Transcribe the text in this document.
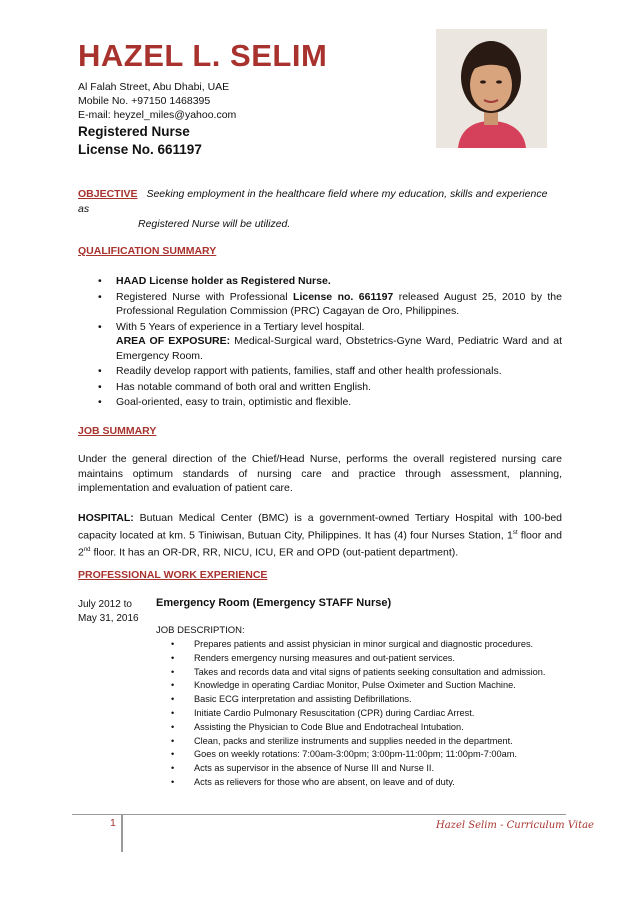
HAZEL L. SELIM
Al Falah Street, Abu Dhabi, UAE
Mobile No. +97150 1468395
E-mail: heyzel_miles@yahoo.com
Registered Nurse
License No. 661197
OBJECTIVE Seeking employment in the healthcare field where my education, skills and experience
as
Registered Nurse will be utilized.
QUALIFICATION SUMMARY
• HAAD License holder as Registered Nurse.
• Registered Nurse with Professional License no. 661197 released August 25, 2010 by the Professional Regulation Commission (PRC) Cagayan de Oro, Philippines.
• With 5 Years of experience in a Tertiary level hospital.
AREA OF EXPOSURE: Medical-Surgical ward, Obstetrics-Gyne Ward, Pediatric Ward and at Emergency Room.
• Readily develop rapport with patients, families, staff and other health professionals.
• Has notable command of both oral and written English.
• Goal-oriented, easy to train, optimistic and flexible.
JOB SUMMARY
Under the general direction of the Chief/Head Nurse, performs the overall registered nursing care maintains optimum standards of nursing care and practice through assessment, planning, implementation and evaluation of patient care.
HOSPITAL: Butuan Medical Center (BMC) is a government-owned Tertiary Hospital with 100-bed capacity located at km. 5 Tiniwisan, Butuan City, Philippines. It has (4) four Nurses Station, 1st floor and 2nd floor. It has an OR-DR, RR, NICU, ICU, ER and OPD (out-patient department).
PROFESSIONAL WORK EXPERIENCE
July 2012 to
May 31, 2016
Emergency Room (Emergency STAFF Nurse)
JOB DESCRIPTION:
• Prepares patients and assist physician in minor surgical and diagnostic procedures.
• Renders emergency nursing measures and out-patient services.
• Takes and records data and vital signs of patients seeking consultation and admission.
• Knowledge in operating Cardiac Monitor, Pulse Oximeter and Suction Machine.
• Basic ECG interpretation and assisting Defibrillations.
• Initiate Cardio Pulmonary Resuscitation (CPR) during Cardiac Arrest.
• Assisting the Physician to Code Blue and Endotracheal Intubation.
• Clean, packs and sterilize instruments and supplies needed in the department.
• Goes on weekly rotations: 7:00am-3:00pm; 3:00pm-11:00pm; 11:00pm-7:00am.
• Acts as supervisor in the absence of Nurse III and Nurse II.
• Acts as relievers for those who are absent, on leave and of duty.
1	Hazel Selim - Curriculum Vitae
